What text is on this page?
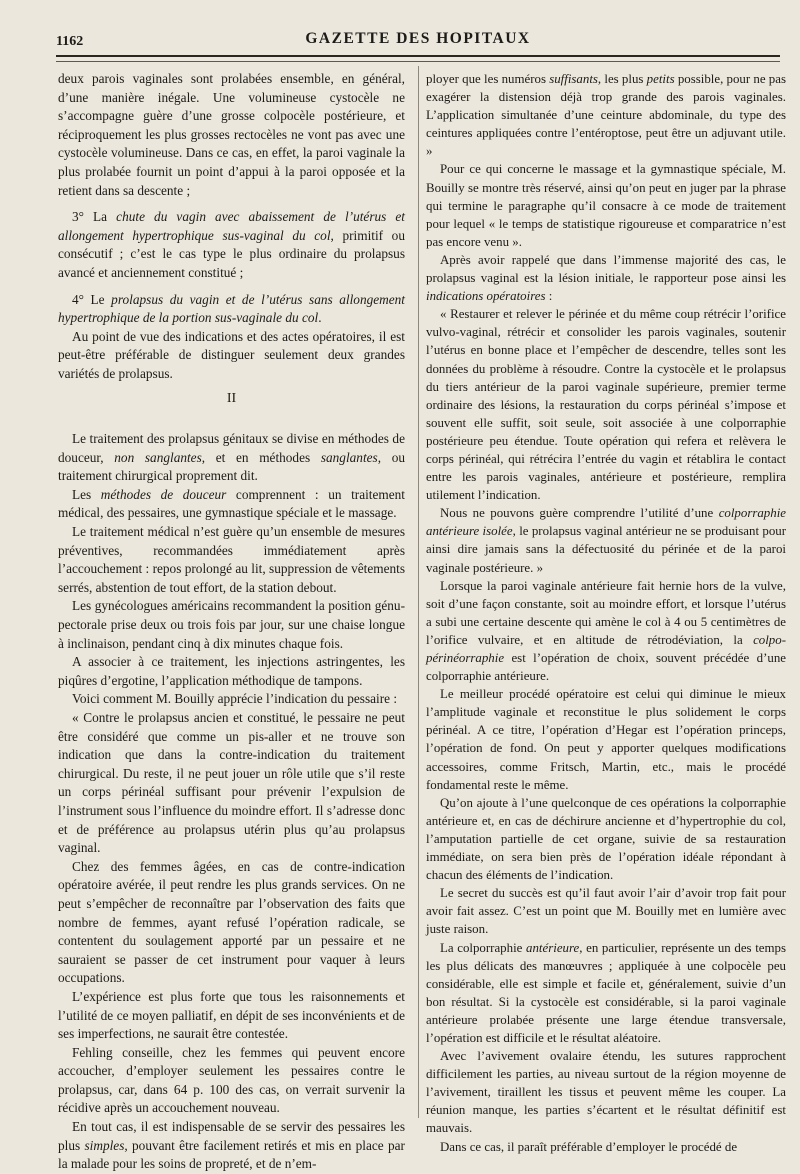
1162	GAZETTE DES HOPITAUX

deux parois vaginales sont prolabées ensemble, en général, d’une manière inégale. Une volumineuse cystocèle ne s’accompagne guère d’une grosse colpocèle postérieure, et réciproquement les plus grosses rectocèles ne vont pas avec une cystocèle volumineuse. Dans ce cas, en effet, la paroi vaginale la plus prolabée fournit un point d’appui à la paroi opposée et la retient dans sa descente ;

3° La chute du vagin avec abaissement de l’utérus et allongement hypertrophique sus-vaginal du col, primitif ou consécutif ; c’est le cas type le plus ordinaire du prolapsus avancé et anciennement constitué ;

4° Le prolapsus du vagin et de l’utérus sans allongement hypertrophique de la portion sus-vaginale du col.

Au point de vue des indications et des actes opératoires, il est peut-être préférable de distinguer seulement deux grandes variétés de prolapsus.

II

Le traitement des prolapsus génitaux se divise en méthodes de douceur, non sanglantes, et en méthodes sanglantes, ou traitement chirurgical proprement dit.

Les méthodes de douceur comprennent : un traitement médical, des pessaires, une gymnastique spéciale et le massage.

Le traitement médical n’est guère qu’un ensemble de mesures préventives, recommandées immédiatement après l’accouchement : repos prolongé au lit, suppression de vêtements serrés, abstention de tout effort, de la station debout.

Les gynécologues américains recommandent la position génu-pectorale prise deux ou trois fois par jour, sur une chaise longue à inclinaison, pendant cinq à dix minutes chaque fois.

A associer à ce traitement, les injections astringentes, les piqûres d’ergotine, l’application méthodique de tampons.

Voici comment M. Bouilly apprécie l’indication du pessaire :

« Contre le prolapsus ancien et constitué, le pessaire ne peut être considéré que comme un pis-aller et ne trouve son indication que dans la contre-indication du traitement chirurgical. Du reste, il ne peut jouer un rôle utile que s’il reste un corps périnéal suffisant pour prévenir l’expulsion de l’instrument sous l’influence du moindre effort. Il s’adresse donc et de préférence au prolapsus utérin plus qu’au prolapsus vaginal.

Chez des femmes âgées, en cas de contre-indication opératoire avérée, il peut rendre les plus grands services. On ne peut s’empêcher de reconnaître par l’observation des faits que nombre de femmes, ayant refusé l’opération radicale, se contentent du soulagement apporté par un pessaire et ne sauraient se passer de cet instrument pour vaquer à leurs occupations.

L’expérience est plus forte que tous les raisonnements et l’utilité de ce moyen palliatif, en dépit de ses inconvénients et de ses imperfections, ne saurait être contestée.

Fehling conseille, chez les femmes qui peuvent encore accoucher, d’employer seulement les pessaires contre le prolapsus, car, dans 64 p. 100 des cas, on verrait survenir la récidive après un accouchement nouveau.

En tout cas, il est indispensable de se servir des pessaires les plus simples, pouvant être facilement retirés et mis en place par la malade pour les soins de propreté, et de n’em-

ployer que les numéros suffisants, les plus petits possible, pour ne pas exagérer la distension déjà trop grande des parois vaginales. L’application simultanée d’une ceinture abdominale, du type des ceintures appliquées contre l’entéroptose, peut être un adjuvant utile. »

Pour ce qui concerne le massage et la gymnastique spéciale, M. Bouilly se montre très réservé, ainsi qu’on peut en juger par la phrase qui termine le paragraphe qu’il consacre à ce mode de traitement pour lequel « le temps de statistique rigoureuse et comparatrice n’est pas encore venu ».

Après avoir rappelé que dans l’immense majorité des cas, le prolapsus vaginal est la lésion initiale, le rapporteur pose ainsi les indications opératoires :

« Restaurer et relever le périnée et du même coup rétrécir l’orifice vulvo-vaginal, rétrécir et consolider les parois vaginales, soutenir l’utérus en bonne place et l’empêcher de descendre, telles sont les données du problème à résoudre. Contre la cystocèle et le prolapsus du tiers antérieur de la paroi vaginale supérieure, premier terme ordinaire des lésions, la restauration du corps périnéal s’impose et souvent elle suffit, soit seule, soit associée à une colporraphie postérieure peu étendue. Toute opération qui refera et relèvera le corps périnéal, qui rétrécira l’entrée du vagin et rétablira le contact entre les parois vaginales, antérieure et postérieure, remplira utilement l’indication.

Nous ne pouvons guère comprendre l’utilité d’une colporraphie antérieure isolée, le prolapsus vaginal antérieur ne se produisant pour ainsi dire jamais sans la défectuosité du périnée et de la paroi vaginale postérieure. »

Lorsque la paroi vaginale antérieure fait hernie hors de la vulve, soit d’une façon constante, soit au moindre effort, et lorsque l’utérus a subi une certaine descente qui amène le col à 4 ou 5 centimètres de l’orifice vulvaire, et en altitude de rétrodéviation, la colpo-périnéorraphie est l’opération de choix, souvent précédée d’une colporraphie antérieure.

Le meilleur procédé opératoire est celui qui diminue le mieux l’amplitude vaginale et reconstitue le plus solidement le corps périnéal. A ce titre, l’opération d’Hegar est l’opération princeps, l’opération de fond. On peut y apporter quelques modifications accessoires, comme Fritsch, Martin, etc., mais le procédé fondamental reste le même.

Qu’on ajoute à l’une quelconque de ces opérations la colporraphie antérieure et, en cas de déchirure ancienne et d’hypertrophie du col, l’amputation partielle de cet organe, suivie de sa restauration immédiate, on sera bien près de l’opération idéale répondant à chacun des éléments de l’indication.

Le secret du succès est qu’il faut avoir l’air d’avoir trop fait pour avoir fait assez. C’est un point que M. Bouilly met en lumière avec juste raison.

La colporraphie antérieure, en particulier, représente un des temps les plus délicats des manœuvres ; appliquée à une colpocèle peu considérable, elle est simple et facile et, généralement, suivie d’un bon résultat. Si la cystocèle est considérable, si la paroi vaginale antérieure prolabée présente une large étendue transversale, l’opération est difficile et le résultat aléatoire.

Avec l’avivement ovalaire étendu, les sutures rapprochent difficilement les parties, au niveau surtout de la région moyenne de l’avivement, tiraillent les tissus et peuvent même les couper. La réunion manque, les parties s’écartent et le résultat définitif est mauvais.

Dans ce cas, il paraît préférable d’employer le procédé de
